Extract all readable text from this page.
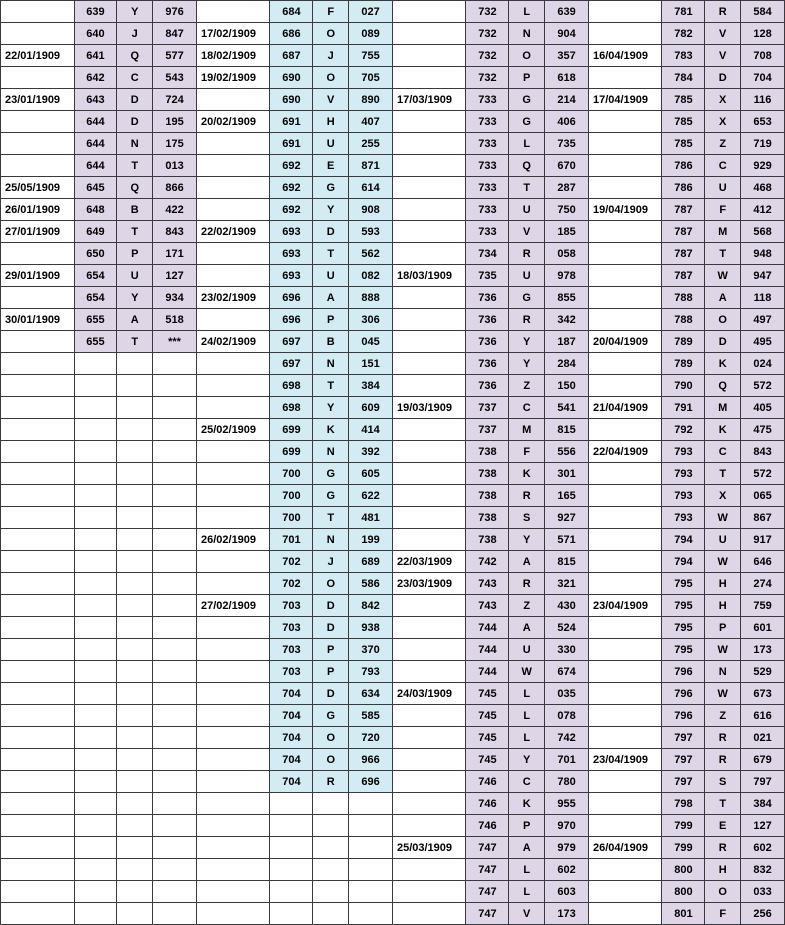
	639	Y	976		684	F	027		732	L	639		781	R	584
	640	J	847	17/02/1909	686	O	089		732	N	904		782	V	128
22/01/1909	641	Q	577	18/02/1909	687	J	755		732	O	357	16/04/1909	783	V	708
	642	C	543	19/02/1909	690	O	705		732	P	618		784	D	704
23/01/1909	643	D	724		690	V	890	17/03/1909	733	G	214	17/04/1909	785	X	116
	644	D	195	20/02/1909	691	H	407		733	G	406		785	X	653
	644	N	175		691	U	255		733	L	735		785	Z	719
	644	T	013		692	E	871		733	Q	670		786	C	929
25/05/1909	645	Q	866		692	G	614		733	T	287		786	U	468
26/01/1909	648	B	422		692	Y	908		733	U	750	19/04/1909	787	F	412
27/01/1909	649	T	843	22/02/1909	693	D	593		733	V	185		787	M	568
	650	P	171		693	T	562		734	R	058		787	T	948
29/01/1909	654	U	127		693	U	082	18/03/1909	735	U	978		787	W	947
	654	Y	934	23/02/1909	696	A	888		736	G	855		788	A	118
30/01/1909	655	A	518		696	P	306		736	R	342		788	O	497
	655	T	***	24/02/1909	697	B	045		736	Y	187	20/04/1909	789	D	495
					697	N	151		736	Y	284		789	K	024
					698	T	384		736	Z	150		790	Q	572
					698	Y	609	19/03/1909	737	C	541	21/04/1909	791	M	405
				25/02/1909	699	K	414		737	M	815		792	K	475
					699	N	392		738	F	556	22/04/1909	793	C	843
					700	G	605		738	K	301		793	T	572
					700	G	622		738	R	165		793	X	065
					700	T	481		738	S	927		793	W	867
				26/02/1909	701	N	199		738	Y	571		794	U	917
					702	J	689	22/03/1909	742	A	815		794	W	646
					702	O	586	23/03/1909	743	R	321		795	H	274
				27/02/1909	703	D	842		743	Z	430	23/04/1909	795	H	759
					703	D	938		744	A	524		795	P	601
					703	P	370		744	U	330		795	W	173
					703	P	793		744	W	674		796	N	529
					704	D	634	24/03/1909	745	L	035		796	W	673
					704	G	585		745	L	078		796	Z	616
					704	O	720		745	L	742		797	R	021
					704	O	966		745	Y	701	23/04/1909	797	R	679
					704	R	696		746	C	780		797	S	797
									746	K	955		798	T	384
									746	P	970		799	E	127
								25/03/1909	747	A	979	26/04/1909	799	R	602
									747	L	602		800	H	832
									747	L	603		800	O	033
									747	V	173		801	F	256
